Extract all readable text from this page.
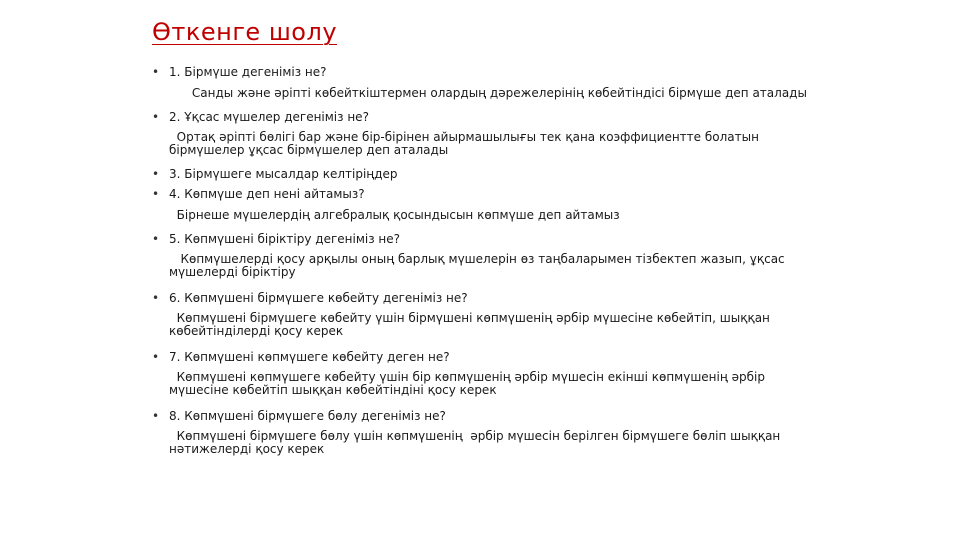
Өткенге шолу
• 1. Бірмүше дегеніміз не?
Санды және әріпті көбейткіштермен олардың дәрежелерінің көбейтіндісі бірмүше деп аталады
• 2. Ұқсас мүшелер дегеніміз не?
Ортақ әріпті бөлігі бар және бір-бірінен айырмашылығы тек қана коэффициентте болатын бірмүшелер ұқсас бірмүшелер деп аталады
• 3. Бірмүшеге мысалдар келтіріңдер
• 4. Көпмүше деп нені айтамыз?
Бірнеше мүшелердің алгебралық қосындысын көпмүше деп айтамыз
• 5. Көпмүшені біріктіру дегеніміз не?
Көпмүшелерді қосу арқылы оның барлық мүшелерін өз таңбаларымен тізбектеп жазып, ұқсас мүшелерді біріктіру
• 6. Көпмүшені бірмүшеге көбейту дегеніміз не?
Көпмүшені бірмүшеге көбейту үшін бірмүшені көпмүшенің әрбір мүшесіне көбейтіп, шыққан көбейтінділерді қосу керек
• 7. Көпмүшені көпмүшеге көбейту деген не?
Көпмүшені көпмүшеге көбейту үшін бір көпмүшенің әрбір мүшесін екінші көпмүшенің әрбір мүшесіне көбейтіп шыққан көбейтіндіні қосу керек
• 8. Көпмүшені бірмүшеге бөлу дегеніміз не?
Көпмүшені бірмүшеге бөлу үшін көпмүшенің  әрбір мүшесін берілген бірмүшеге бөліп шыққан нәтижелерді қосу керек
